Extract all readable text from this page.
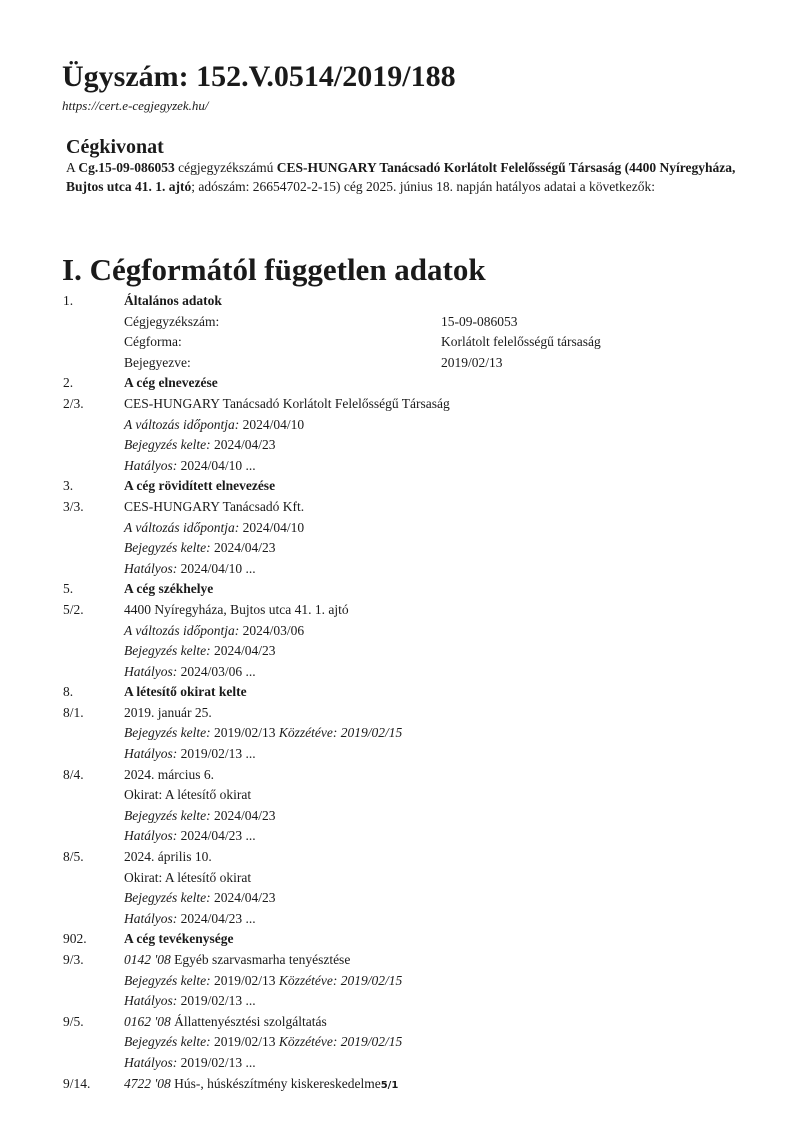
Ügyszám: 152.V.0514/2019/188
https://cert.e-cegjegyzek.hu/
Cégkivonat

A Cg.15-09-086053 cégjegyzékszámú CES-HUNGARY Tanácsadó Korlátolt Felelősségű Társaság (4400 Nyíregyháza, Bujtos utca 41. 1. ajtó; adószám: 26654702-2-15) cég 2025. június 18. napján hatályos adatai a következők:

I. Cégformától független adatok
1.	Általános adatok
Cégjegyzékszám:	15-09-086053
Cégforma:	Korlátolt felelősségű társaság
Bejegyezve:	2019/02/13
2.	A cég elnevezése
2/3.	CES-HUNGARY Tanácsadó Korlátolt Felelősségű Társaság
A változás időpontja: 2024/04/10
Bejegyzés kelte: 2024/04/23
Hatályos: 2024/04/10 ...
3.	A cég rövidített elnevezése
3/3.	CES-HUNGARY Tanácsadó Kft.
A változás időpontja: 2024/04/10
Bejegyzés kelte: 2024/04/23
Hatályos: 2024/04/10 ...
5.	A cég székhelye
5/2.	4400 Nyíregyháza, Bujtos utca 41. 1. ajtó
A változás időpontja: 2024/03/06
Bejegyzés kelte: 2024/04/23
Hatályos: 2024/03/06 ...
8.	A létesítő okirat kelte
8/1.	2019. január 25.
Bejegyzés kelte: 2019/02/13 Közzétéve: 2019/02/15
Hatályos: 2019/02/13 ...
8/4.	2024. március 6.
Okirat: A létesítő okirat
Bejegyzés kelte: 2024/04/23
Hatályos: 2024/04/23 ...
8/5.	2024. április 10.
Okirat: A létesítő okirat
Bejegyzés kelte: 2024/04/23
Hatályos: 2024/04/23 ...
902.	A cég tevékenysége
9/3.	0142 '08 Egyéb szarvasmarha tenyésztése
Bejegyzés kelte: 2019/02/13 Közzétéve: 2019/02/15
Hatályos: 2019/02/13 ...
9/5.	0162 '08 Állattenyésztési szolgáltatás
Bejegyzés kelte: 2019/02/13 Közzétéve: 2019/02/15
Hatályos: 2019/02/13 ...
9/14. 4722 '08 Hús-, húskészítmény kiskereskedelme5/1
